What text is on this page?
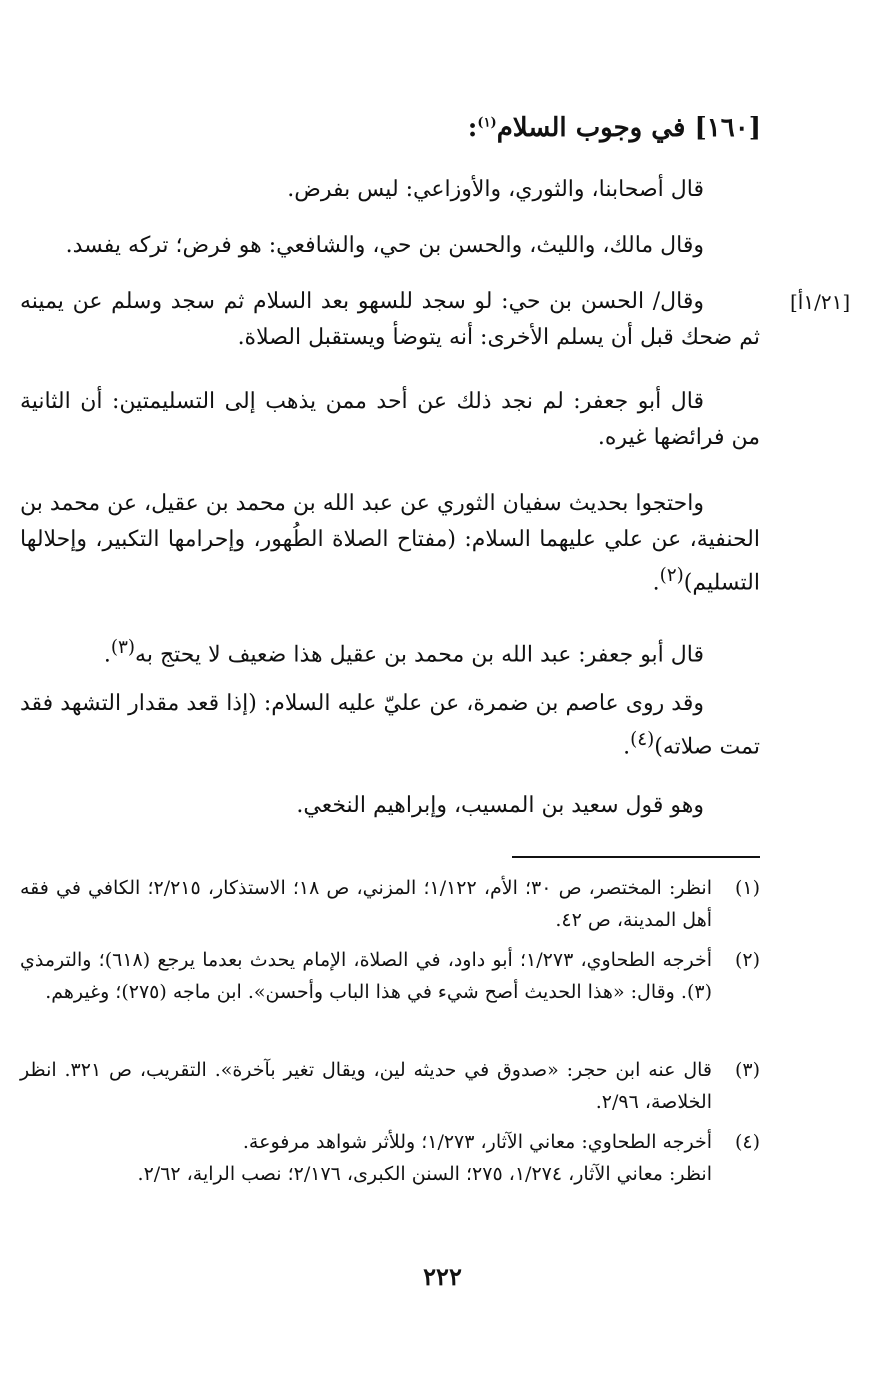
[١٦٠] في وجوب السلام$^{(١)}$:
[١/٢١أ]
قال أصحابنا، والثوري، والأوزاعي: ليس بفرض.
وقال مالك، والليث، والحسن بن حي، والشافعي: هو فرض؛ تركه يفسد.
وقال/ الحسن بن حي: لو سجد للسهو بعد السلام ثم سجد وسلم عن يمينه ثم ضحك قبل أن يسلم الأخرى: أنه يتوضأ ويستقبل الصلاة.
قال أبو جعفر: لم نجد ذلك عن أحد ممن يذهب إلى التسليمتين: أن الثانية من فرائضها غيره.
واحتجوا بحديث سفيان الثوري عن عبد الله بن محمد بن عقيل، عن محمد بن الحنفية، عن علي عليهما السلام: (مفتاح الصلاة الطُهور، وإحرامها التكبير، وإحلالها التسليم)$^{(٢)}$.
قال أبو جعفر: عبد الله بن محمد بن عقيل هذا ضعيف لا يحتج به$^{(٣)}$.
وقد روى عاصم بن ضمرة، عن عليّ عليه السلام: (إذا قعد مقدار التشهد فقد تمت صلاته)$^{(٤)}$.
وهو قول سعيد بن المسيب، وإبراهيم النخعي.
(١)
انظر: المختصر، ص ٣٠؛ الأم، ١/١٢٢؛ المزني، ص ١٨؛ الاستذكار، ٢/٢١٥؛ الكافي في فقه أهل المدينة، ص ٤٢.
(٢)
أخرجه الطحاوي، ١/٢٧٣؛ أبو داود، في الصلاة، الإمام يحدث بعدما يرجع (٦١٨)؛ والترمذي (٣). وقال: «هذا الحديث أصح شيء في هذا الباب وأحسن». ابن ماجه (٢٧٥)؛ وغيرهم.
(٣)
قال عنه ابن حجر: «صدوق في حديثه لين، ويقال تغير بآخرة». التقريب، ص ٣٢١. انظر الخلاصة، ٢/٩٦.
(٤)
أخرجه الطحاوي: معاني الآثار، ١/٢٧٣؛ وللأثر شواهد مرفوعة.
انظر: معاني الآثار، ١/٢٧٤، ٢٧٥؛ السنن الكبرى، ٢/١٧٦؛ نصب الراية، ٢/٦٢.
٢٢٢
